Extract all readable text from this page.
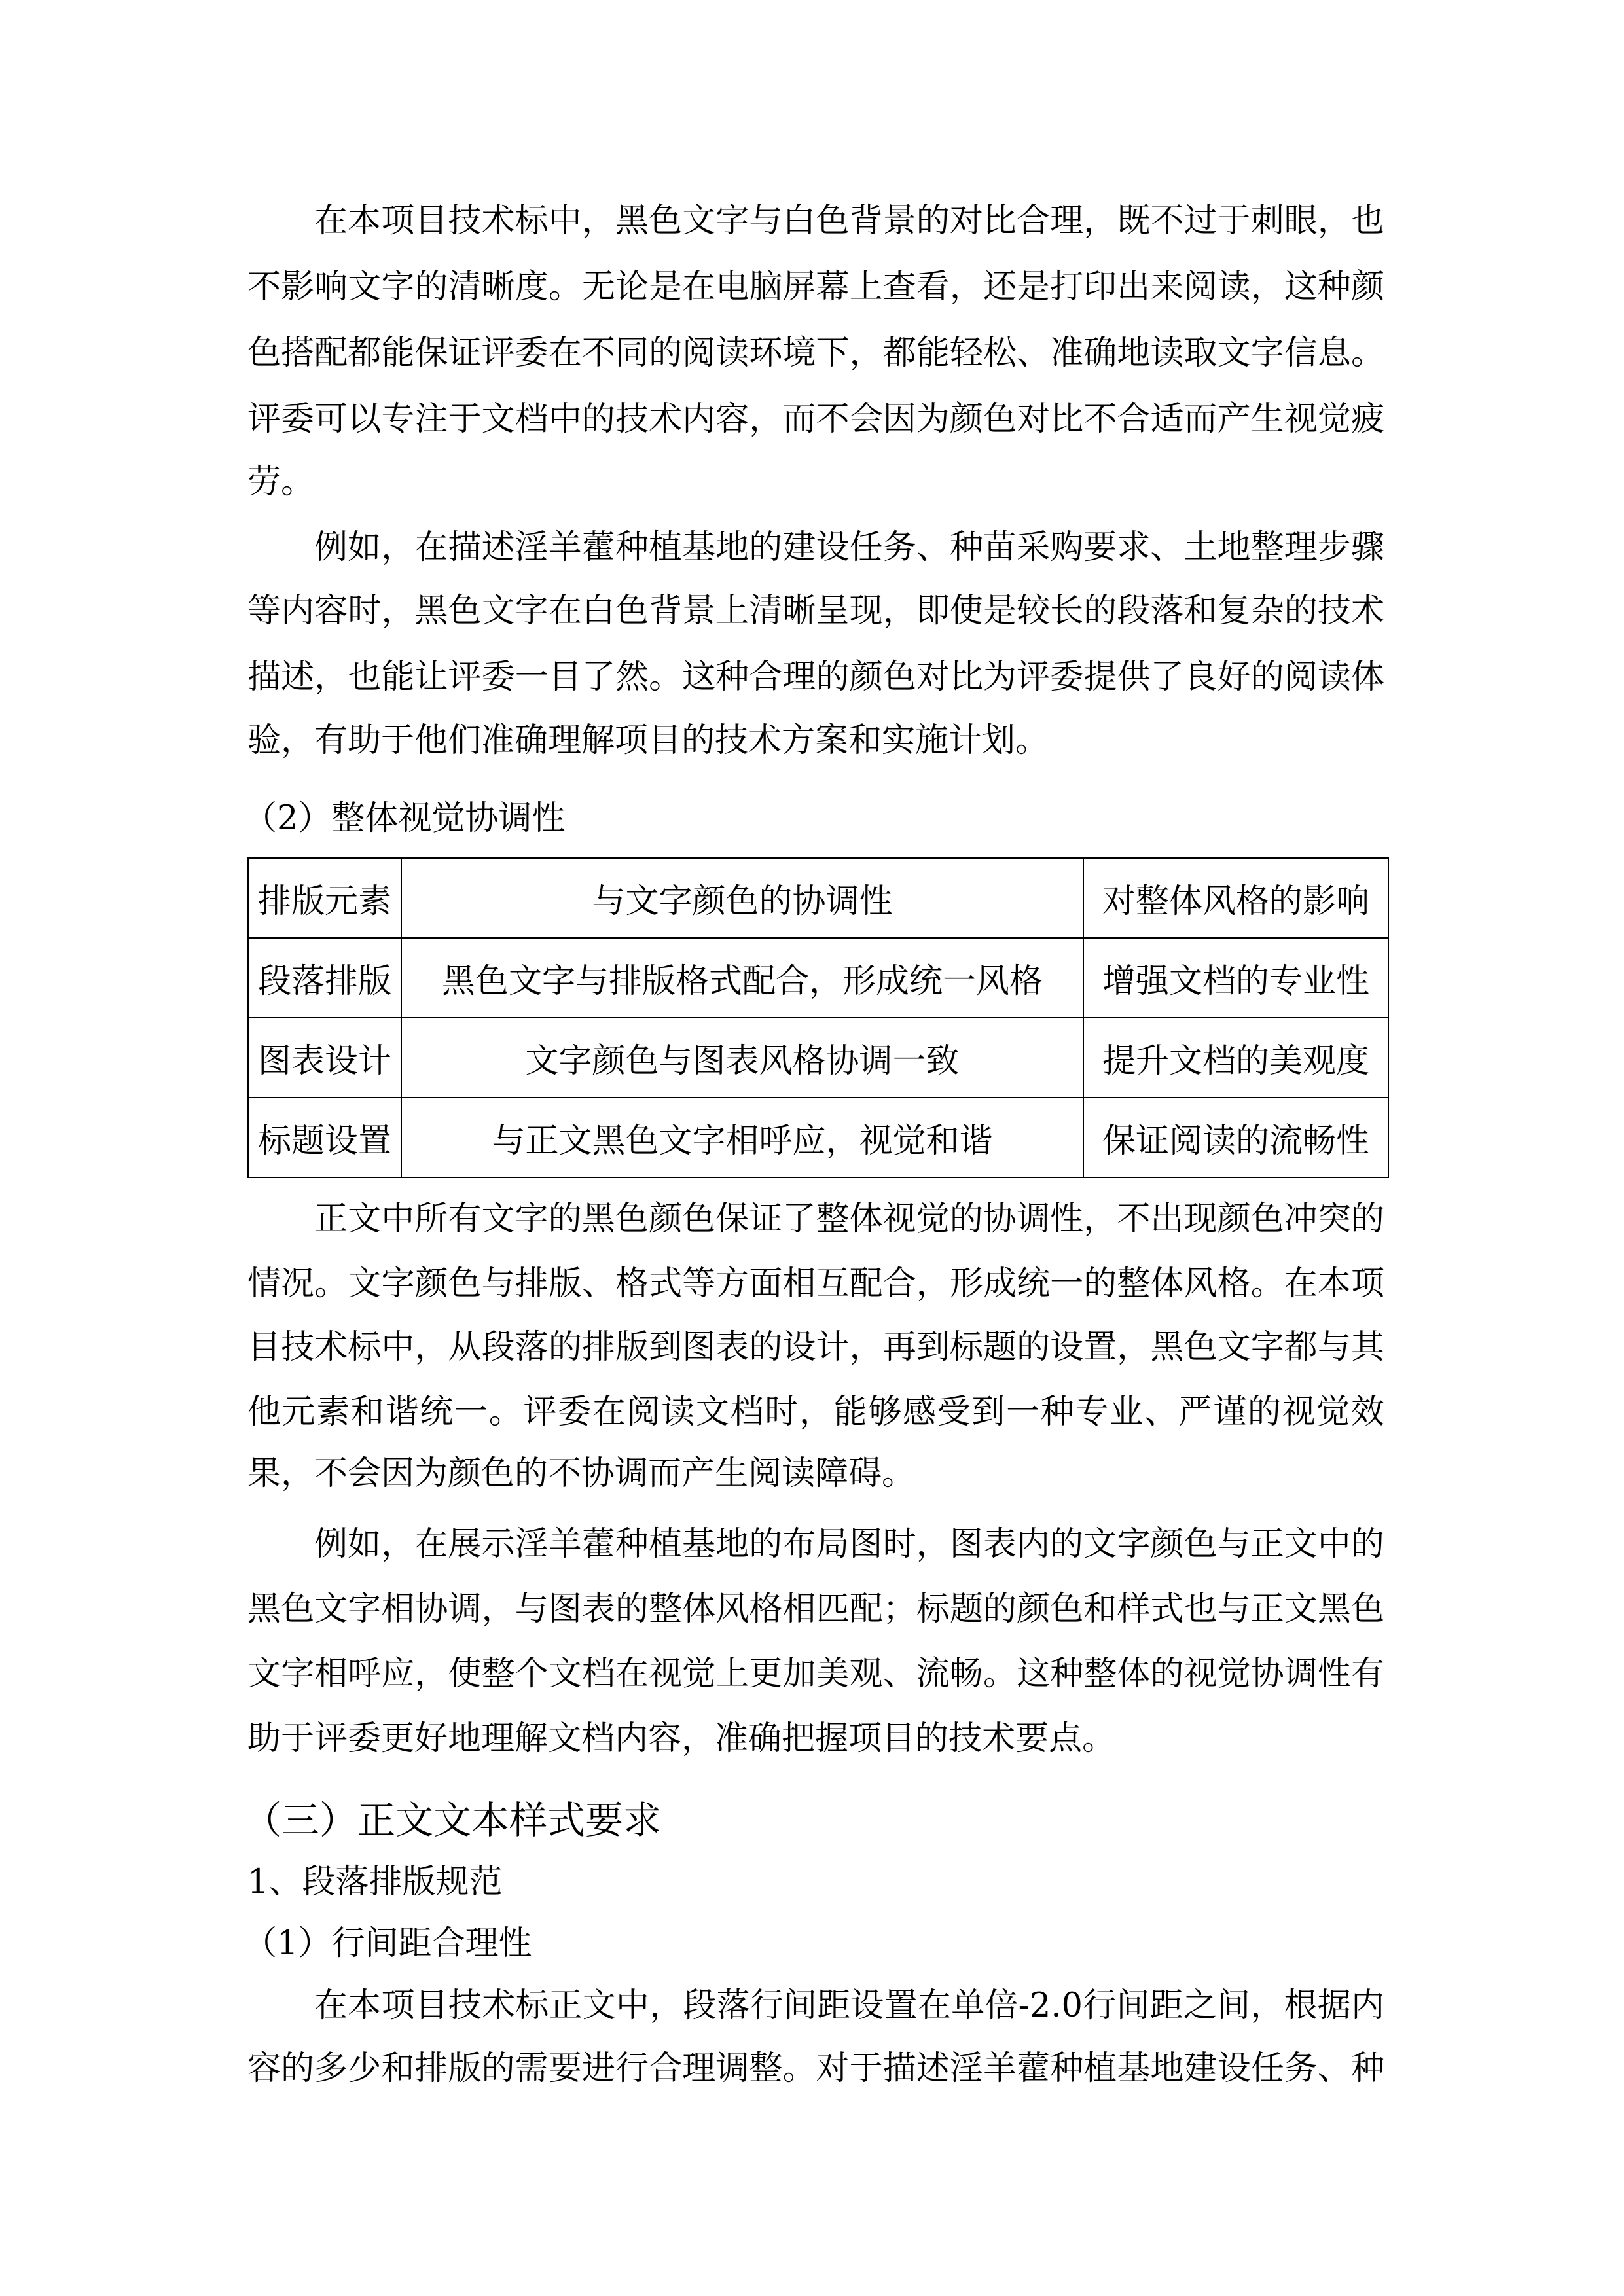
在本项目技术标中，黑色文字与白色背景的对比合理，既不过于刺眼，也
不影响文字的清晰度。无论是在电脑屏幕上查看，还是打印出来阅读，这种颜
色搭配都能保证评委在不同的阅读环境下，都能轻松、准确地读取文字信息。
评委可以专注于文档中的技术内容，而不会因为颜色对比不合适而产生视觉疲
劳。
例如，在描述淫羊藿种植基地的建设任务、种苗采购要求、土地整理步骤
等内容时，黑色文字在白色背景上清晰呈现，即使是较长的段落和复杂的技术
描述，也能让评委一目了然。这种合理的颜色对比为评委提供了良好的阅读体
验，有助于他们准确理解项目的技术方案和实施计划。
（2）整体视觉协调性
排版元素	与文字颜色的协调性	对整体风格的影响
段落排版	黑色文字与排版格式配合，形成统一风格	增强文档的专业性
图表设计	文字颜色与图表风格协调一致	提升文档的美观度
标题设置	与正文黑色文字相呼应，视觉和谐	保证阅读的流畅性
正文中所有文字的黑色颜色保证了整体视觉的协调性，不出现颜色冲突的
情况。文字颜色与排版、格式等方面相互配合，形成统一的整体风格。在本项
目技术标中，从段落的排版到图表的设计，再到标题的设置，黑色文字都与其
他元素和谐统一。评委在阅读文档时，能够感受到一种专业、严谨的视觉效
果，不会因为颜色的不协调而产生阅读障碍。
例如，在展示淫羊藿种植基地的布局图时，图表内的文字颜色与正文中的
黑色文字相协调，与图表的整体风格相匹配；标题的颜色和样式也与正文黑色
文字相呼应，使整个文档在视觉上更加美观、流畅。这种整体的视觉协调性有
助于评委更好地理解文档内容，准确把握项目的技术要点。
（三）正文文本样式要求
1、段落排版规范
（1）行间距合理性
在本项目技术标正文中，段落行间距设置在单倍-2.0行间距之间，根据内
容的多少和排版的需要进行合理调整。对于描述淫羊藿种植基地建设任务、种
